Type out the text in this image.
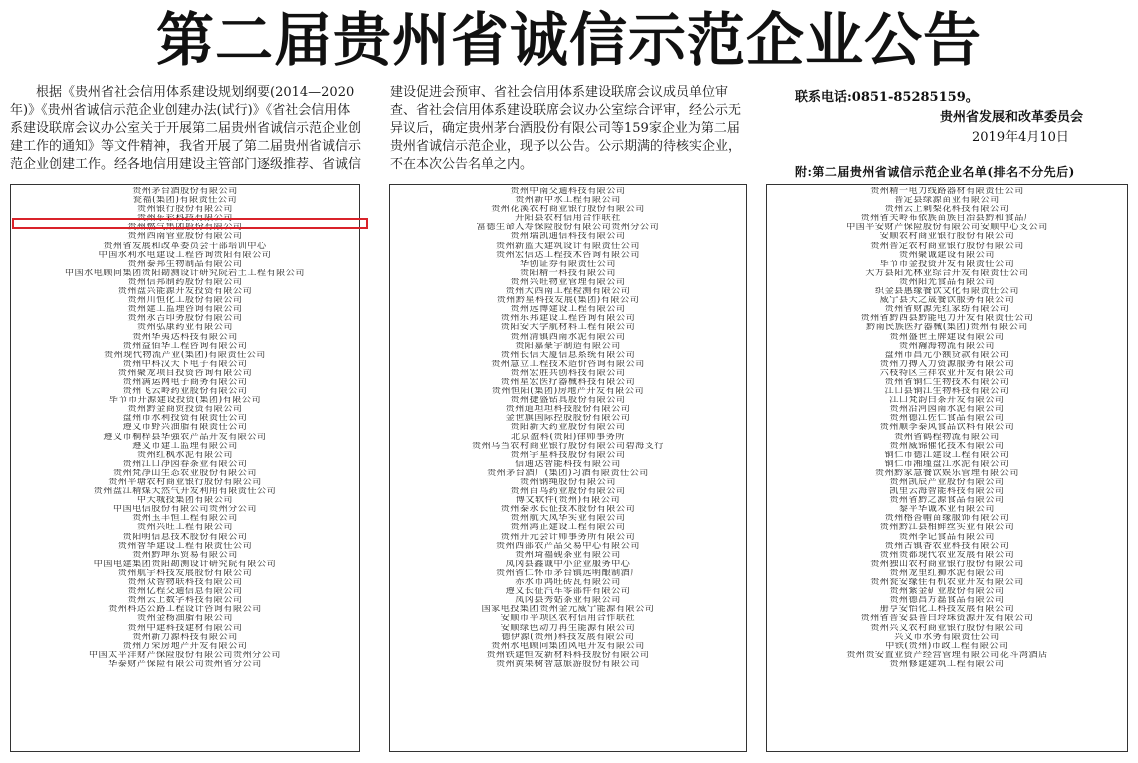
第二届贵州省诚信示范企业公告
根据《贵州省社会信用体系建设规划纲要(2014—2020年)》《贵州省诚信示范企业创建办法(试行)》《省社会信用体系建设联席会议办公室关于开展第二届贵州省诚信示范企业创建工作的通知》等文件精神，我省开展了第二届贵州省诚信示范企业创建工作。经各地信用建设主管部门逐级推荐、省诚信
建设促进会预审、省社会信用体系建设联席会议成员单位审查、省社会信用体系建设联席会议办公室综合评审，经公示无异议后，确定贵州茅台酒股份有限公司等159家企业为第二届贵州省诚信示范企业，现予以公告。公示期满的待核实企业，不在本次公告名单之内。
联系电话:0851-85285159。
贵州省发展和改革委员会
2019年4月10日
附:第二届贵州省诚信示范企业名单(排名不分先后)
贵州茅台酒股份有限公司
瓮福(集团)有限责任公司
贵州银行股份有限公司
贵州东彩科技有限公司
贵州燃气集团股份有限公司
贵州西南管业股份有限公司
贵州省发展和改革委员会干部培训中心
中国水利水电建设工程咨询贵阳有限公司
贵州泰邦生物制品有限公司
中国水电顾问集团贵阳勘测设计研究院岩土工程有限公司
贵州信邦制药股份有限公司
贵州盘兴能源开发投资有限公司
贵州川恒化工股份有限公司
贵州建工监理咨询有限公司
贵州永吉印务股份有限公司
贵州弘康药业有限公司
贵州华夷达科技有限公司
贵州益佰华工程咨询有限公司
贵州现代物流产业(集团)有限责任公司
贵州中科汉天下电子有限公司
贵州聚龙项目投资咨询有限公司
贵州满运网电子商务有限公司
贵州飞云岭药业股份有限公司
毕节市开源建设投资(集团)有限公司
贵州黔金商贸投资有限公司
盘州市水利投资有限责任公司
遵义市野兴油脂有限责任公司
遵义市桐梓县华强农产品开发有限公司
遵义市建工监理有限公司
贵州红枫水泥有限公司
贵州江口净园春茶业有限公司
贵州梵净山生态农业股份有限公司
贵州平塘农村商业银行股份有限公司
贵州盘江精煤天然气开发利用有限责任公司
中天城投集团有限公司
中国电信股份有限公司贵州分公司
贵州玉丰恒工程有限公司
贵州兴旺工程有限公司
贵阳明信息技术股份有限公司
贵州智华建设工程有限责任公司
贵州黔坤东贸易有限公司
中国电建集团贵阳勘测设计研究院有限公司
贵州航宇科技发展股份有限公司
贵州众智物联科技有限公司
贵州亿程交通信息有限公司
贵州云上数字科技有限公司
贵州科达公路工程设计咨询有限公司
贵州金杨油脂有限公司
贵州中建科技建材有限公司
贵州新力源科技有限公司
贵州万荣房地产开发有限公司
中国太平洋财产保险股份有限公司贵州分公司
华泰财产保险有限公司贵州省分公司
贵州中南交通科技有限公司
贵州新中水工程有限公司
贵州花溪农村商业银行股份有限公司
开阳县农村信用合作联社
富德生命人寿保险股份有限公司贵州分公司
贵州瑞凯通信科技有限公司
贵州新蓝天建筑设计有限责任公司
贵州宏信达工程技术咨询有限公司
华创证券有限责任公司
贵阳精一科技有限公司
贵州兴旺物业管理有限公司
贵州大西南工程检测有限公司
贵州黔星科技发展(集团)有限公司
贵州远博建设工程有限公司
贵州东邦建设工程咨询有限公司
贵阳安大学航材料工程有限公司
贵州清镇西南水泥有限公司
贵阳嘉豪宇制造有限公司
贵州长信天厦信息系统有限公司
贵州慧立工程技术造价咨询有限公司
贵州宏胜共创科技有限公司
贵州星宏医疗器械科技有限公司
贵州恒阳(集团)房地产开发有限公司
贵州捷盛钻具股份有限公司
贵州道坦坦科技股份有限公司
金世旗国际控股股份有限公司
贵阳新天药业股份有限公司
北京盈科(贵阳)律师事务所
贵州乌当农村商业银行股份有限公司碧海支行
贵州宇星科技股份有限公司
信通达智能科技有限公司
贵州茅台酒厂(集团)习酒有限责任公司
贵州钢绳股份有限公司
贵州百鸟药业股份有限公司
博文软件(贵州)有限公司
贵州泰永长征技术股份有限公司
贵州航天凤华实业有限公司
贵州鸿正建设工程有限公司
贵州开元会计师事务所有限公司
贵州西部农产品交易中心有限公司
贵州琦福砚茶业有限公司
凤冈县鑫诚中小企业服务中心
贵州省仁怀市茅台镇远明酿制酒厂
赤水市鸿旺砖瓦有限公司
遵义长征汽车零部件有限公司
凤冈县秀姑茶业有限公司
国家电投集团贵州金元威宁能源有限公司
安顺市平坝区农村信用合作联社
安顺绿色动力再生能源有限公司
德伊源(贵州)科技发展有限公司
贵州水电顾问集团风电开发有限公司
贵州铁建恒发新材料科技股份有限公司
贵州黄果树智慧旅游股份有限公司
贵州精一电力线路器材有限责任公司
普定县绿源苗业有限公司
贵州云上刺梨花科技有限公司
贵州省关岭布依族苗族自治县黔和食品厂
中国平安财产保险股份有限公司安顺中心支公司
安顺农村商业银行股份有限公司
贵州普定农村商业银行股份有限公司
贵州聚诚建设有限公司
毕节市金投资开发有限责任公司
大方县阳光林业综合开发有限责任公司
贵州阳光食品有限公司
织金县惠缘餐饮文化有限责任公司
威宁县天之晟餐饮服务有限公司
贵州省财源先红家纺有限公司
贵州省黔西县黔能电力开发有限责任公司
黔南民族医疗器械(集团)贵州有限公司
贵州盛世王牌建设有限公司
贵州瀚海物流有限公司
盘州市昌元小额贷款有限公司
贵州力搏人力资源服务有限公司
六枝特区兰祥农业开发有限公司
贵州省铜仁生物技术有限公司
江口县铜江生物科技有限公司
江口梵韵白茶开发有限公司
贵州沿河园南水泥有限公司
贵州德江佐仁食品有限公司
贵州顺李泰风食品饮料有限公司
贵州省鹤程物流有限公司
贵州威锦催化技术有限公司
铜仁市德江建设工程有限公司
铜仁市湘瑾盘江水泥有限公司
贵州黔家慧餐饮娱乐管理有限公司
贵州凯辰产业股份有限公司
凯里云海智能科技有限公司
贵州省黔之源食品有限公司
黎平华诚木业有限公司
贵州榕沓帽苗缘服饰有限公司
贵州黔江县相鲜丝实业有限公司
贵州李记食品有限公司
贵州古镇香农业科技有限公司
贵州贵都现代农业发展有限公司
贵州独山农村商业银行股份有限公司
贵州龙里红狮水泥有限公司
贵州瓮安缘佳有机农业开发有限公司
贵州紫金矿业股份有限公司
贵州德昌方磊食品有限公司
册亨安怡化工科技发展有限公司
贵州省普安县普白玲珠资源开发有限公司
贵州兴义农村商业银行股份有限公司
兴义市水务有限责任公司
中铁(贵州)市政工程有限公司
贵州贵安置业资产经营管理有限公司花斗湾酒店
贵州修建建筑工程有限公司
